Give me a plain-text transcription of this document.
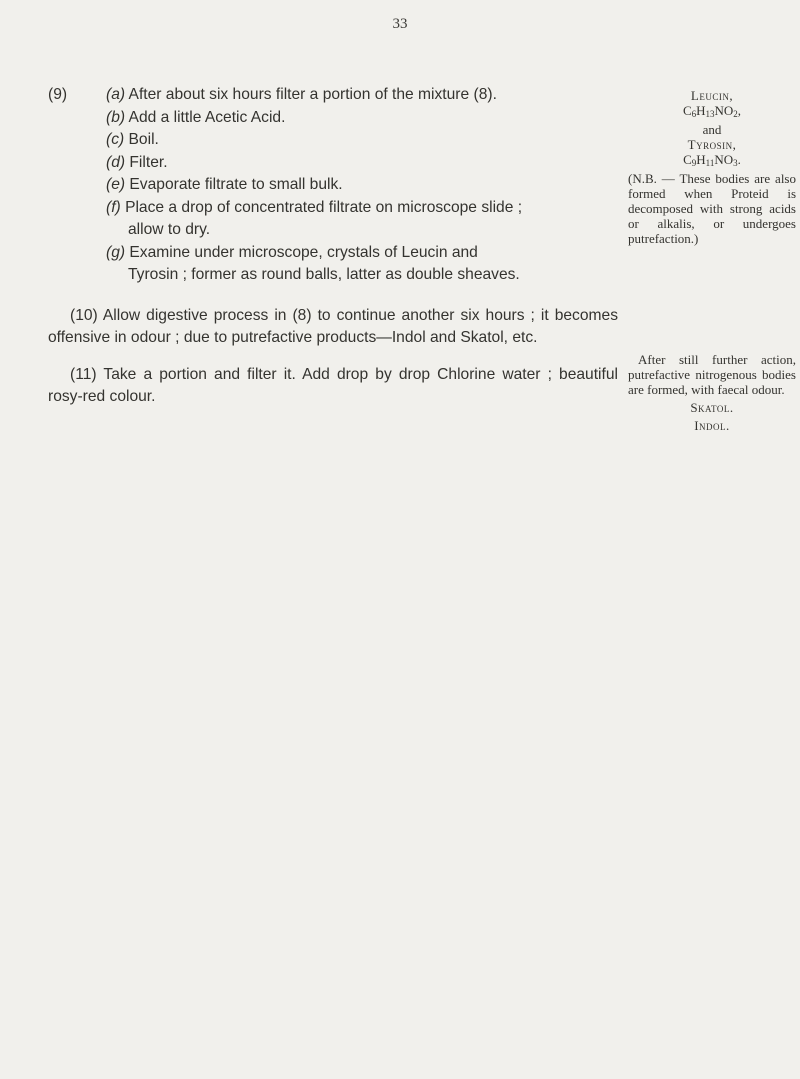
33
(9) (a) After about six hours filter a portion of the mixture (8).
(b) Add a little Acetic Acid.
(c) Boil.
(d) Filter.
(e) Evaporate filtrate to small bulk.
(f) Place a drop of concentrated filtrate on microscope slide ;
allow to dry.
(g) Examine under microscope, crystals of Leucin and
Tyrosin ; former as round balls, latter as double sheaves.

(10) Allow digestive process in (8) to continue another six hours ; it becomes offensive in odour ; due to putrefactive products—Indol and Skatol, etc.

(11) Take a portion and filter it. Add drop by drop Chlorine water ; beautiful rosy-red colour.

Leucin,
$C_6H_{13}NO_2$,
and
Tyrosin,
$C_9H_{11}NO_3$.
(N.B. — These bodies are also formed when Proteid is decomposed with strong acids or alkalis, or undergoes putrefaction.)
After still further action, putrefactive nitrogenous bodies are formed, with faecal odour.
Skatol.
Indol.
